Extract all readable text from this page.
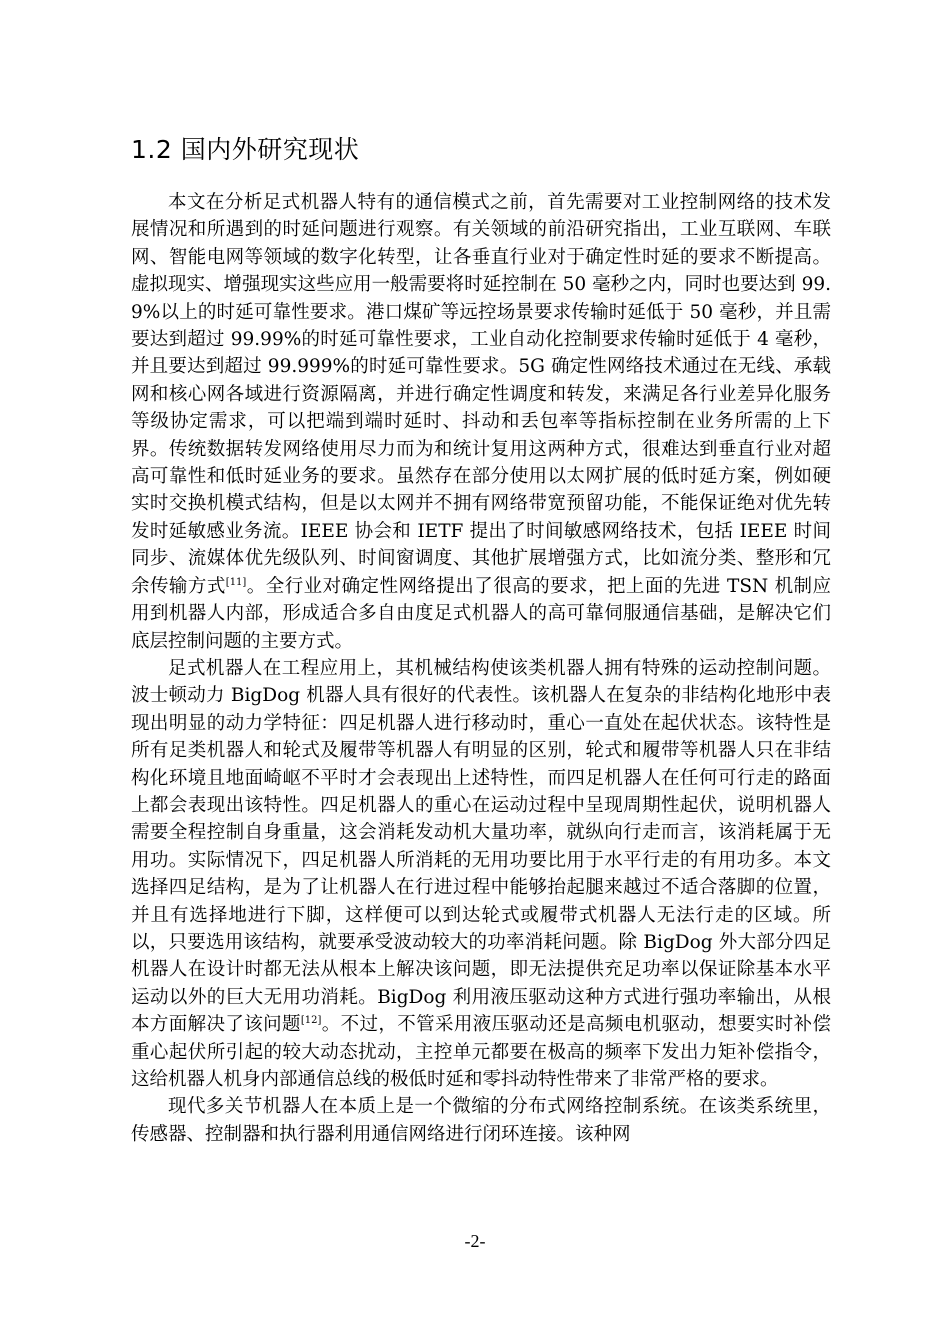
1.2 国内外研究现状

本文在分析足式机器人特有的通信模式之前，首先需要对工业控制网络的技术发展情况和所遇到的时延问题进行观察。有关领域的前沿研究指出，工业互联网、车联网、智能电网等领域的数字化转型，让各垂直行业对于确定性时延的要求不断提高。虚拟现实、增强现实这些应用一般需要将时延控制在 50 毫秒之内，同时也要达到 99.9%以上的时延可靠性要求。港口煤矿等远控场景要求传输时延低于 50 毫秒，并且需要达到超过 99.99%的时延可靠性要求，工业自动化控制要求传输时延低于 4 毫秒，并且要达到超过 99.999%的时延可靠性要求。5G 确定性网络技术通过在无线、承载网和核心网各域进行资源隔离，并进行确定性调度和转发，来满足各行业差异化服务等级协定需求，可以把端到端时延时、抖动和丢包率等指标控制在业务所需的上下界。传统数据转发网络使用尽力而为和统计复用这两种方式，很难达到垂直行业对超高可靠性和低时延业务的要求。虽然存在部分使用以太网扩展的低时延方案，例如硬实时交换机模式结构，但是以太网并不拥有网络带宽预留功能，不能保证绝对优先转发时延敏感业务流。IEEE 协会和 IETF 提出了时间敏感网络技术，包括 IEEE 时间同步、流媒体优先级队列、时间窗调度、其他扩展增强方式，比如流分类、整形和冗余传输方式[11]。全行业对确定性网络提出了很高的要求，把上面的先进 TSN 机制应用到机器人内部，形成适合多自由度足式机器人的高可靠伺服通信基础，是解决它们底层控制问题的主要方式。

足式机器人在工程应用上，其机械结构使该类机器人拥有特殊的运动控制问题。波士顿动力 BigDog 机器人具有很好的代表性。该机器人在复杂的非结构化地形中表现出明显的动力学特征：四足机器人进行移动时，重心一直处在起伏状态。该特性是所有足类机器人和轮式及履带等机器人有明显的区别，轮式和履带等机器人只在非结构化环境且地面崎岖不平时才会表现出上述特性，而四足机器人在任何可行走的路面上都会表现出该特性。四足机器人的重心在运动过程中呈现周期性起伏，说明机器人需要全程控制自身重量，这会消耗发动机大量功率，就纵向行走而言，该消耗属于无用功。实际情况下，四足机器人所消耗的无用功要比用于水平行走的有用功多。本文选择四足结构，是为了让机器人在行进过程中能够抬起腿来越过不适合落脚的位置，并且有选择地进行下脚，这样便可以到达轮式或履带式机器人无法行走的区域。所以，只要选用该结构，就要承受波动较大的功率消耗问题。除 BigDog 外大部分四足机器人在设计时都无法从根本上解决该问题，即无法提供充足功率以保证除基本水平运动以外的巨大无用功消耗。BigDog 利用液压驱动这种方式进行强功率输出，从根本方面解决了该问题[12]。不过，不管采用液压驱动还是高频电机驱动，想要实时补偿重心起伏所引起的较大动态扰动，主控单元都要在极高的频率下发出力矩补偿指令，这给机器人机身内部通信总线的极低时延和零抖动特性带来了非常严格的要求。

现代多关节机器人在本质上是一个微缩的分布式网络控制系统。在该类系统里，传感器、控制器和执行器利用通信网络进行闭环连接。该种网

-2-
